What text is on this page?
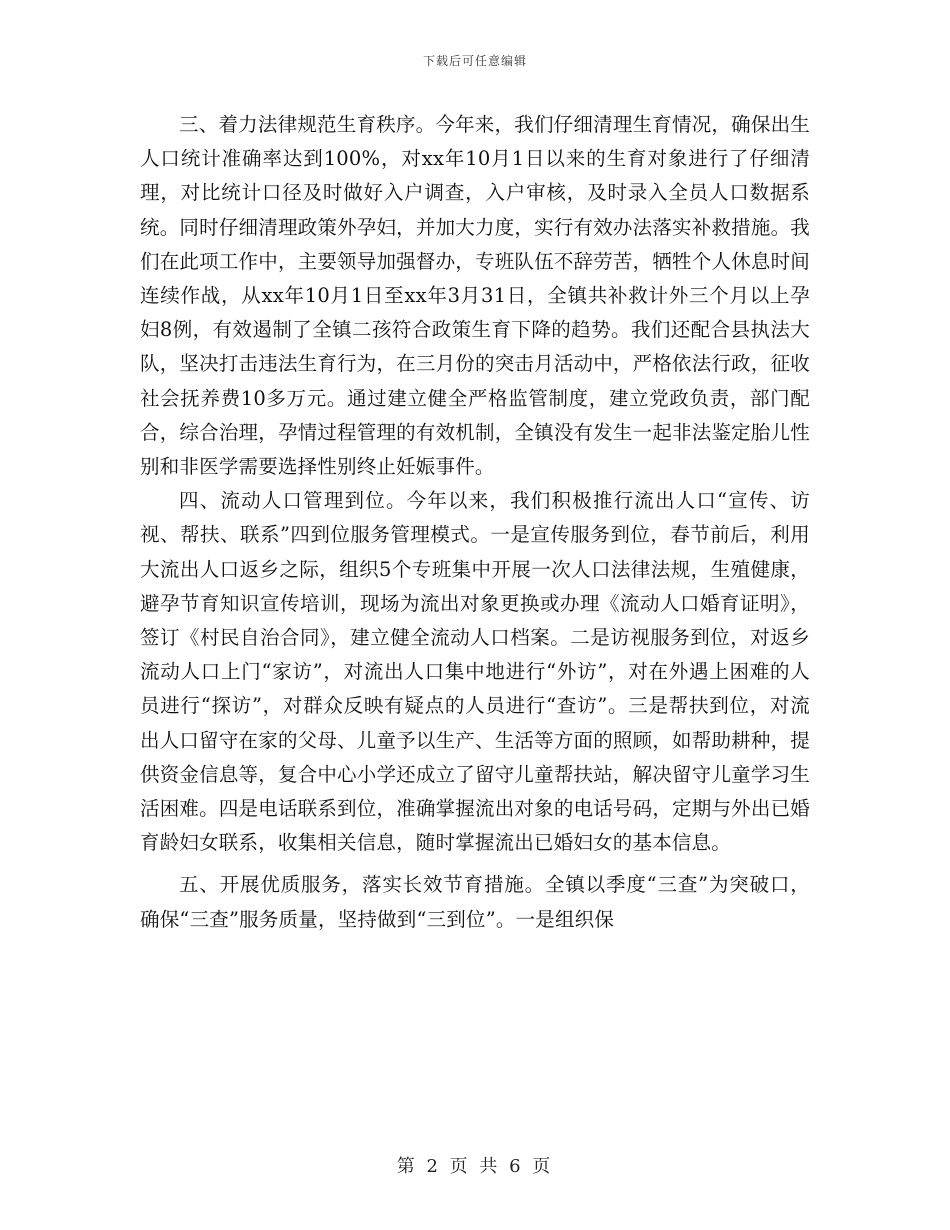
下载后可任意编辑

三、着力法律规范生育秩序。今年来，我们仔细清理生育情况，确保出生人口统计准确率达到100%，对xx年10月1日以来的生育对象进行了仔细清理，对比统计口径及时做好入户调查，入户审核，及时录入全员人口数据系统。同时仔细清理政策外孕妇，并加大力度，实行有效办法落实补救措施。我们在此项工作中，主要领导加强督办，专班队伍不辞劳苦，牺牲个人休息时间连续作战，从xx年10月1日至xx年3月31日，全镇共补救计外三个月以上孕妇8例，有效遏制了全镇二孩符合政策生育下降的趋势。我们还配合县执法大队，坚决打击违法生育行为，在三月份的突击月活动中，严格依法行政，征收社会抚养费10多万元。通过建立健全严格监管制度，建立党政负责，部门配合，综合治理，孕情过程管理的有效机制，全镇没有发生一起非法鉴定胎儿性别和非医学需要选择性别终止妊娠事件。

四、流动人口管理到位。今年以来，我们积极推行流出人口“宣传、访视、帮扶、联系”四到位服务管理模式。一是宣传服务到位，春节前后，利用大流出人口返乡之际，组织5个专班集中开展一次人口法律法规，生殖健康，避孕节育知识宣传培训，现场为流出对象更换或办理《流动人口婚育证明》，签订《村民自治合同》，建立健全流动人口档案。二是访视服务到位，对返乡流动人口上门“家访”，对流出人口集中地进行“外访”，对在外遇上困难的人员进行“探访”，对群众反映有疑点的人员进行“查访”。三是帮扶到位，对流出人口留守在家的父母、儿童予以生产、生活等方面的照顾，如帮助耕种，提供资金信息等，复合中心小学还成立了留守儿童帮扶站，解决留守儿童学习生活困难。四是电话联系到位，准确掌握流出对象的电话号码，定期与外出已婚育龄妇女联系，收集相关信息，随时掌握流出已婚妇女的基本信息。

五、开展优质服务，落实长效节育措施。全镇以季度“三查”为突破口，确保“三查”服务质量，坚持做到“三到位”。一是组织保

第 2 页 共 6 页
